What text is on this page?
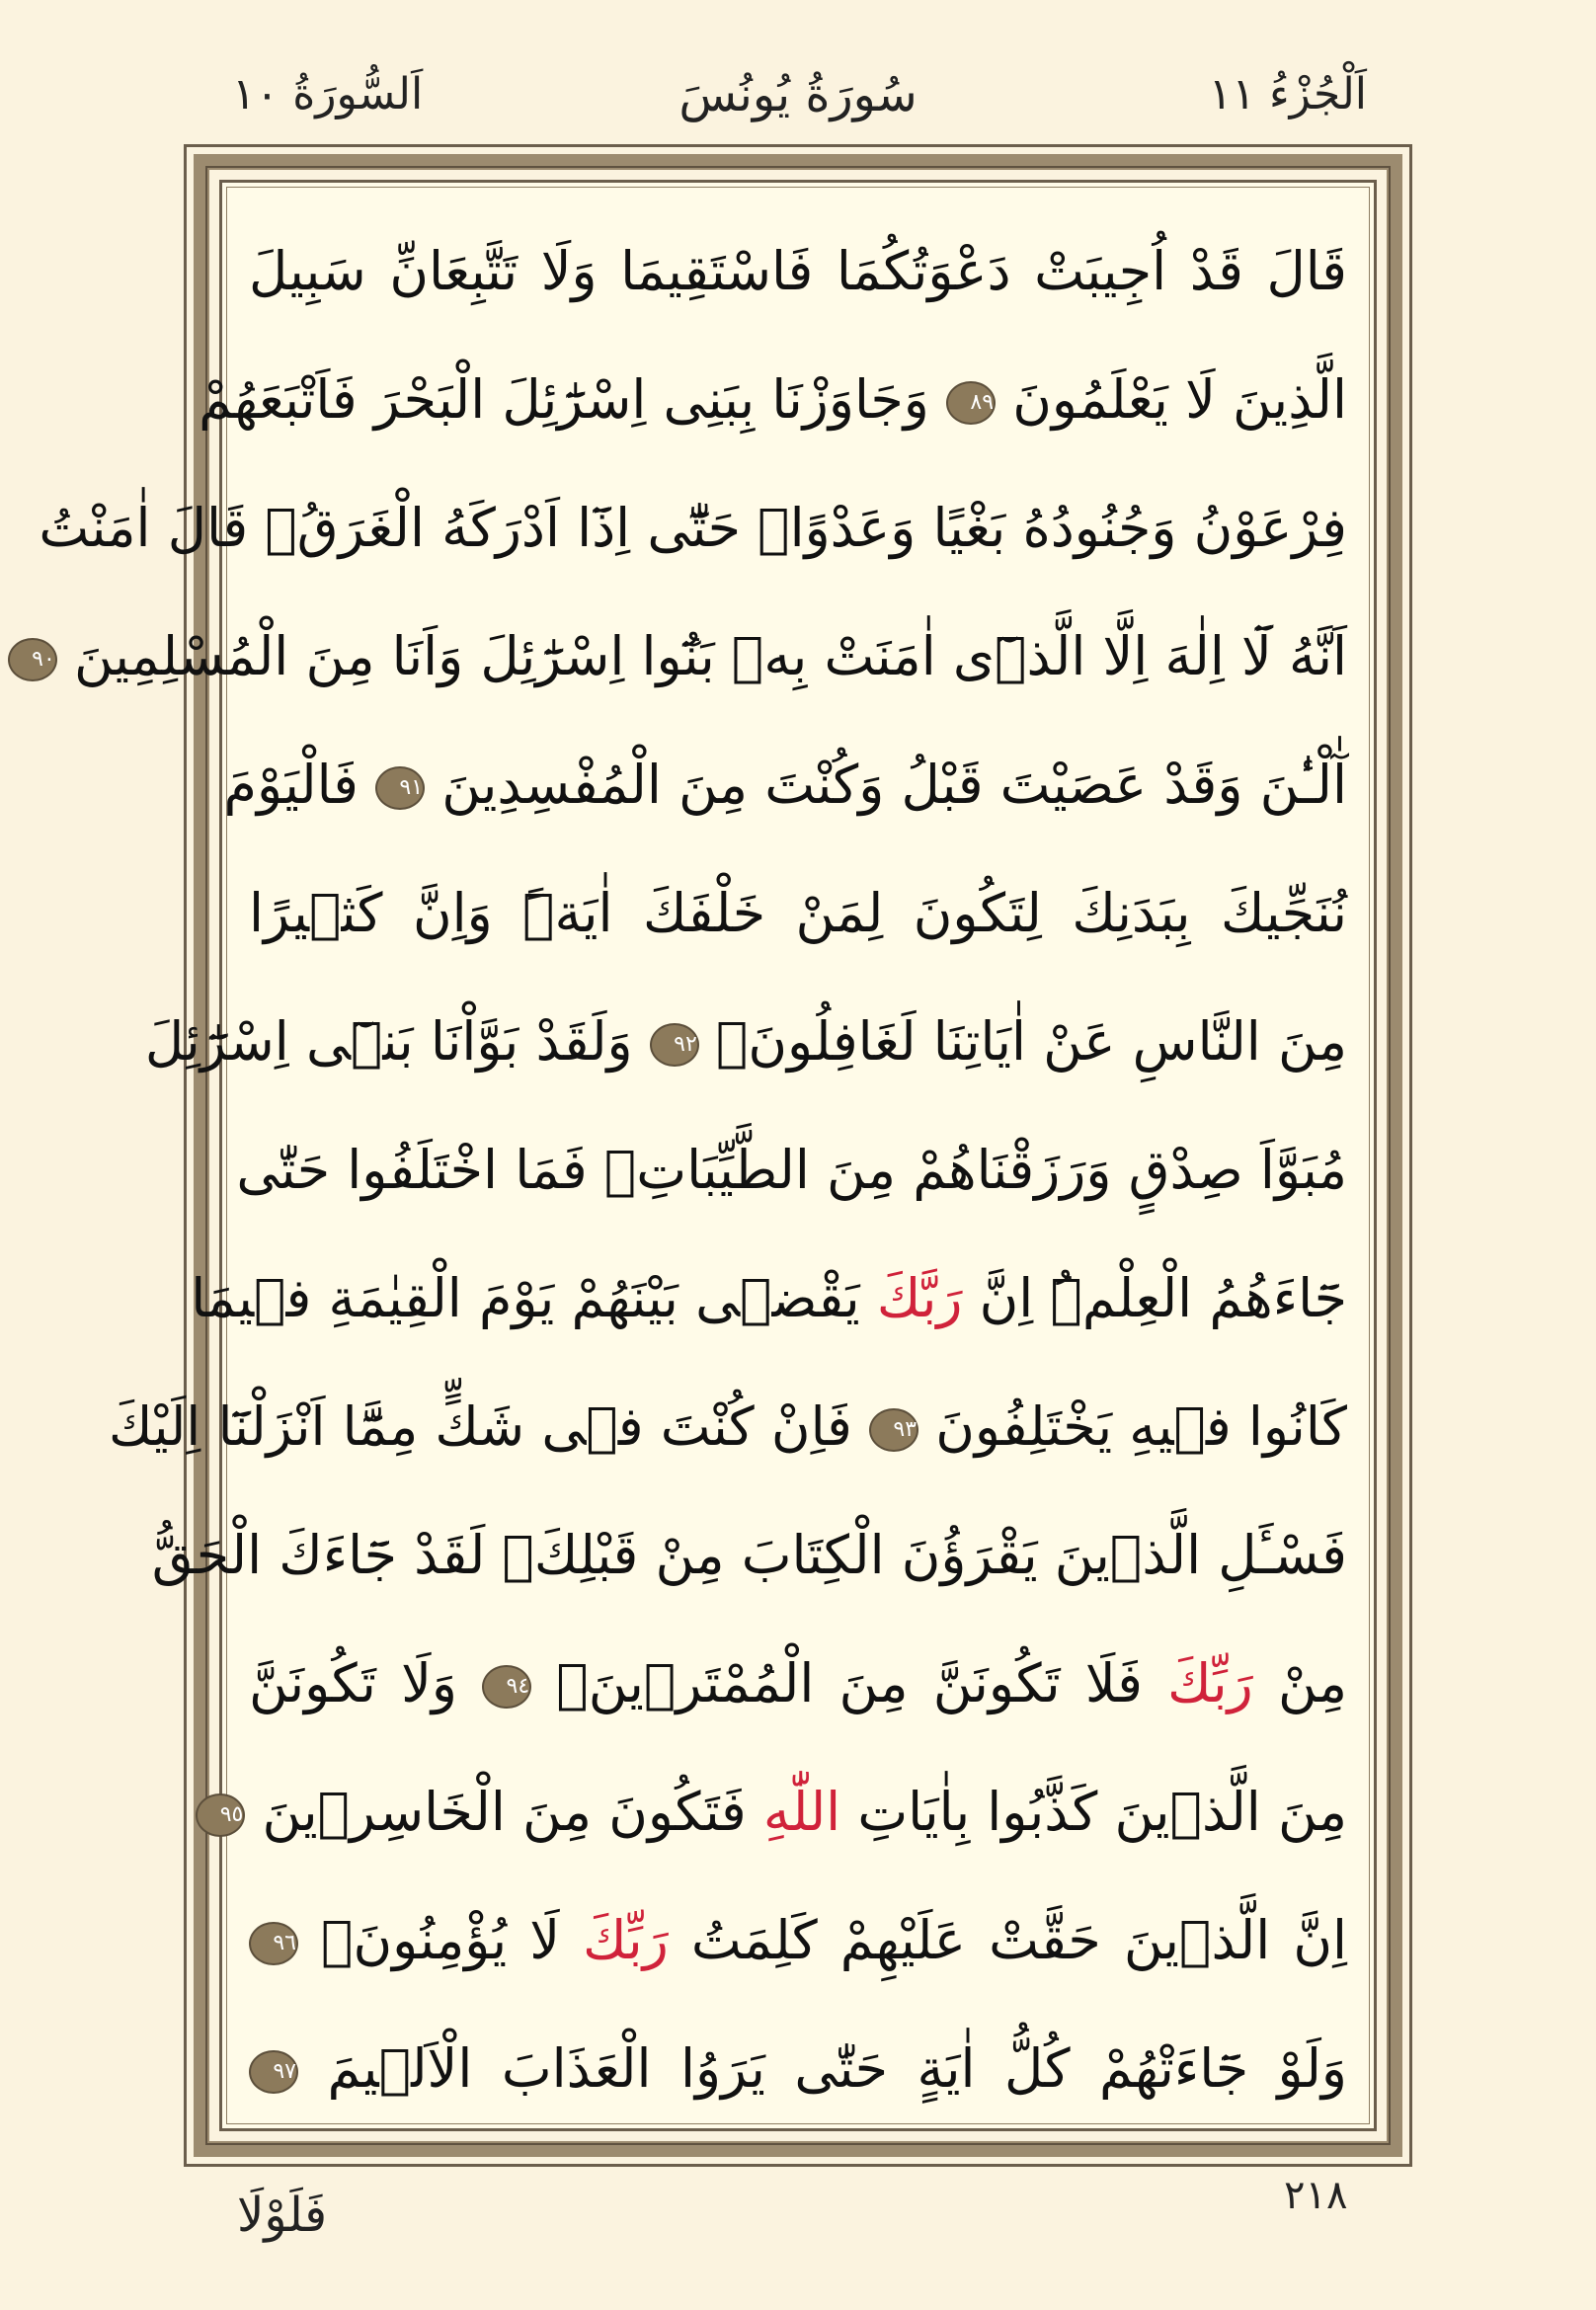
اَلْجُزْءُ ١١
سُورَةُ يُونُسَ
اَلسُّورَةُ ١٠
قَالَ قَدْ اُجِيبَتْ دَعْوَتُكُمَا فَاسْتَقِيمَا وَلَا تَتَّبِعَانِّ سَبِيلَ
الَّذِينَ لَا يَعْلَمُونَ ٨٩ وَجَاوَزْنَا بِبَنِى اِسْرَٰٓئِلَ الْبَحْرَ فَاَتْبَعَهُمْ
فِرْعَوْنُ وَجُنُودُهُ بَغْيًا وَعَدْوًاۜ حَتّٰٓى اِذَٓا اَدْرَكَهُ الْغَرَقُۙ قَالَ اٰمَنْتُ
اَنَّهُ لَٓا اِلٰهَ اِلَّا الَّذٖٓى اٰمَنَتْ بِهٖ بَنُٓوا اِسْرَٰٓئِلَ وَاَنَا مِنَ الْمُسْلِمِينَ ٩٠
آٰلْـٰٔنَ وَقَدْ عَصَيْتَ قَبْلُ وَكُنْتَ مِنَ الْمُفْسِدِينَ ٩١ فَالْيَوْمَ
نُنَجِّيكَ بِبَدَنِكَ لِتَكُونَ لِمَنْ خَلْفَكَ اٰيَةًۜ وَاِنَّ كَثٖيرًا
مِنَ النَّاسِ عَنْ اٰيَاتِنَا لَغَافِلُونَۚ ٩٢ وَلَقَدْ بَوَّاْنَا بَنٖٓى اِسْرَٰٓئِلَ
مُبَوَّاَ صِدْقٍ وَرَزَقْنَاهُمْ مِنَ الطَّيِّبَاتِۚ فَمَا اخْتَلَفُوا حَتّٰى
جَٓاءَهُمُ الْعِلْمُۜ اِنَّ رَبَّكَ يَقْضٖى بَيْنَهُمْ يَوْمَ الْقِيٰمَةِ فٖيمَا
كَانُوا فٖيهِ يَخْتَلِفُونَ ٩٣ فَاِنْ كُنْتَ فٖى شَكٍّ مِمَّٓا اَنْزَلْنَٓا اِلَيْكَ
فَسْـَٔلِ الَّذٖينَ يَقْرَؤُنَ الْكِتَابَ مِنْ قَبْلِكَۚ لَقَدْ جَٓاءَكَ الْحَقُّ
مِنْ رَبِّكَ فَلَا تَكُونَنَّ مِنَ الْمُمْتَرٖينَۙ ٩٤ وَلَا تَكُونَنَّ
مِنَ الَّذٖينَ كَذَّبُوا بِاٰيَاتِ اللّٰهِ فَتَكُونَ مِنَ الْخَاسِرٖينَ ٩٥
اِنَّ الَّذٖينَ حَقَّتْ عَلَيْهِمْ كَلِمَتُ رَبِّكَ لَا يُؤْمِنُونَۙ ٩٦
وَلَوْ جَٓاءَتْهُمْ كُلُّ اٰيَةٍ حَتّٰى يَرَوُا الْعَذَابَ الْاَلٖيمَ ٩٧
٢١٨
فَلَوْلَا
